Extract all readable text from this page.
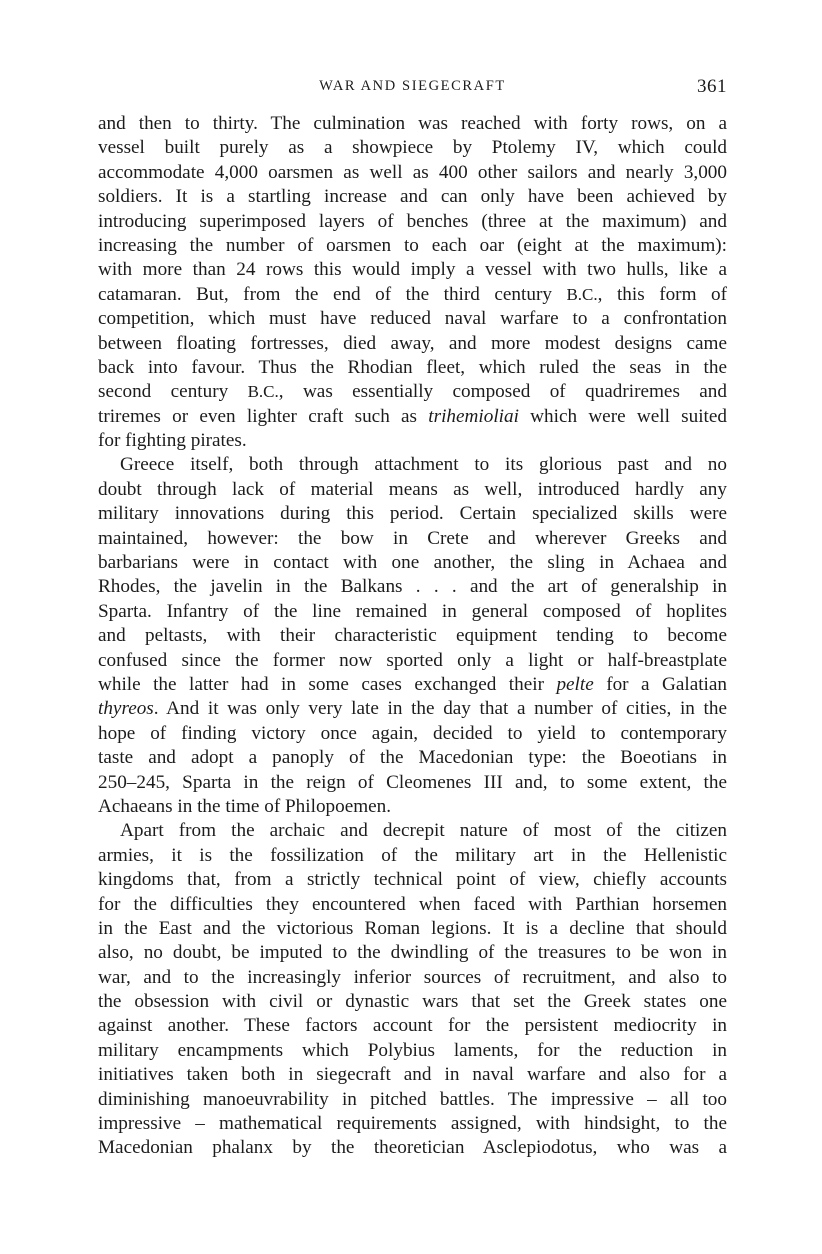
WAR AND SIEGECRAFT	361
and then to thirty. The culmination was reached with forty rows, on a
vessel built purely as a showpiece by Ptolemy IV, which could
accommodate 4,000 oarsmen as well as 400 other sailors and nearly 3,000
soldiers. It is a startling increase and can only have been achieved by
introducing superimposed layers of benches (three at the maximum) and
increasing the number of oarsmen to each oar (eight at the maximum):
with more than 24 rows this would imply a vessel with two hulls, like a
catamaran. But, from the end of the third century B.C., this form of
competition, which must have reduced naval warfare to a confrontation
between floating fortresses, died away, and more modest designs came
back into favour. Thus the Rhodian fleet, which ruled the seas in the
second century B.C., was essentially composed of quadriremes and
triremes or even lighter craft such as trihemioliai which were well suited
for fighting pirates.
Greece itself, both through attachment to its glorious past and no
doubt through lack of material means as well, introduced hardly any
military innovations during this period. Certain specialized skills were
maintained, however: the bow in Crete and wherever Greeks and
barbarians were in contact with one another, the sling in Achaea and
Rhodes, the javelin in the Balkans . . . and the art of generalship in
Sparta. Infantry of the line remained in general composed of hoplites
and peltasts, with their characteristic equipment tending to become
confused since the former now sported only a light or half-breastplate
while the latter had in some cases exchanged their pelte for a Galatian
thyreos. And it was only very late in the day that a number of cities, in the
hope of finding victory once again, decided to yield to contemporary
taste and adopt a panoply of the Macedonian type: the Boeotians in
250–245, Sparta in the reign of Cleomenes III and, to some extent, the
Achaeans in the time of Philopoemen.
Apart from the archaic and decrepit nature of most of the citizen
armies, it is the fossilization of the military art in the Hellenistic
kingdoms that, from a strictly technical point of view, chiefly accounts
for the difficulties they encountered when faced with Parthian horsemen
in the East and the victorious Roman legions. It is a decline that should
also, no doubt, be imputed to the dwindling of the treasures to be won in
war, and to the increasingly inferior sources of recruitment, and also to
the obsession with civil or dynastic wars that set the Greek states one
against another. These factors account for the persistent mediocrity in
military encampments which Polybius laments, for the reduction in
initiatives taken both in siegecraft and in naval warfare and also for a
diminishing manoeuvrability in pitched battles. The impressive – all too
impressive – mathematical requirements assigned, with hindsight, to the
Macedonian phalanx by the theoretician Asclepiodotus, who was a
